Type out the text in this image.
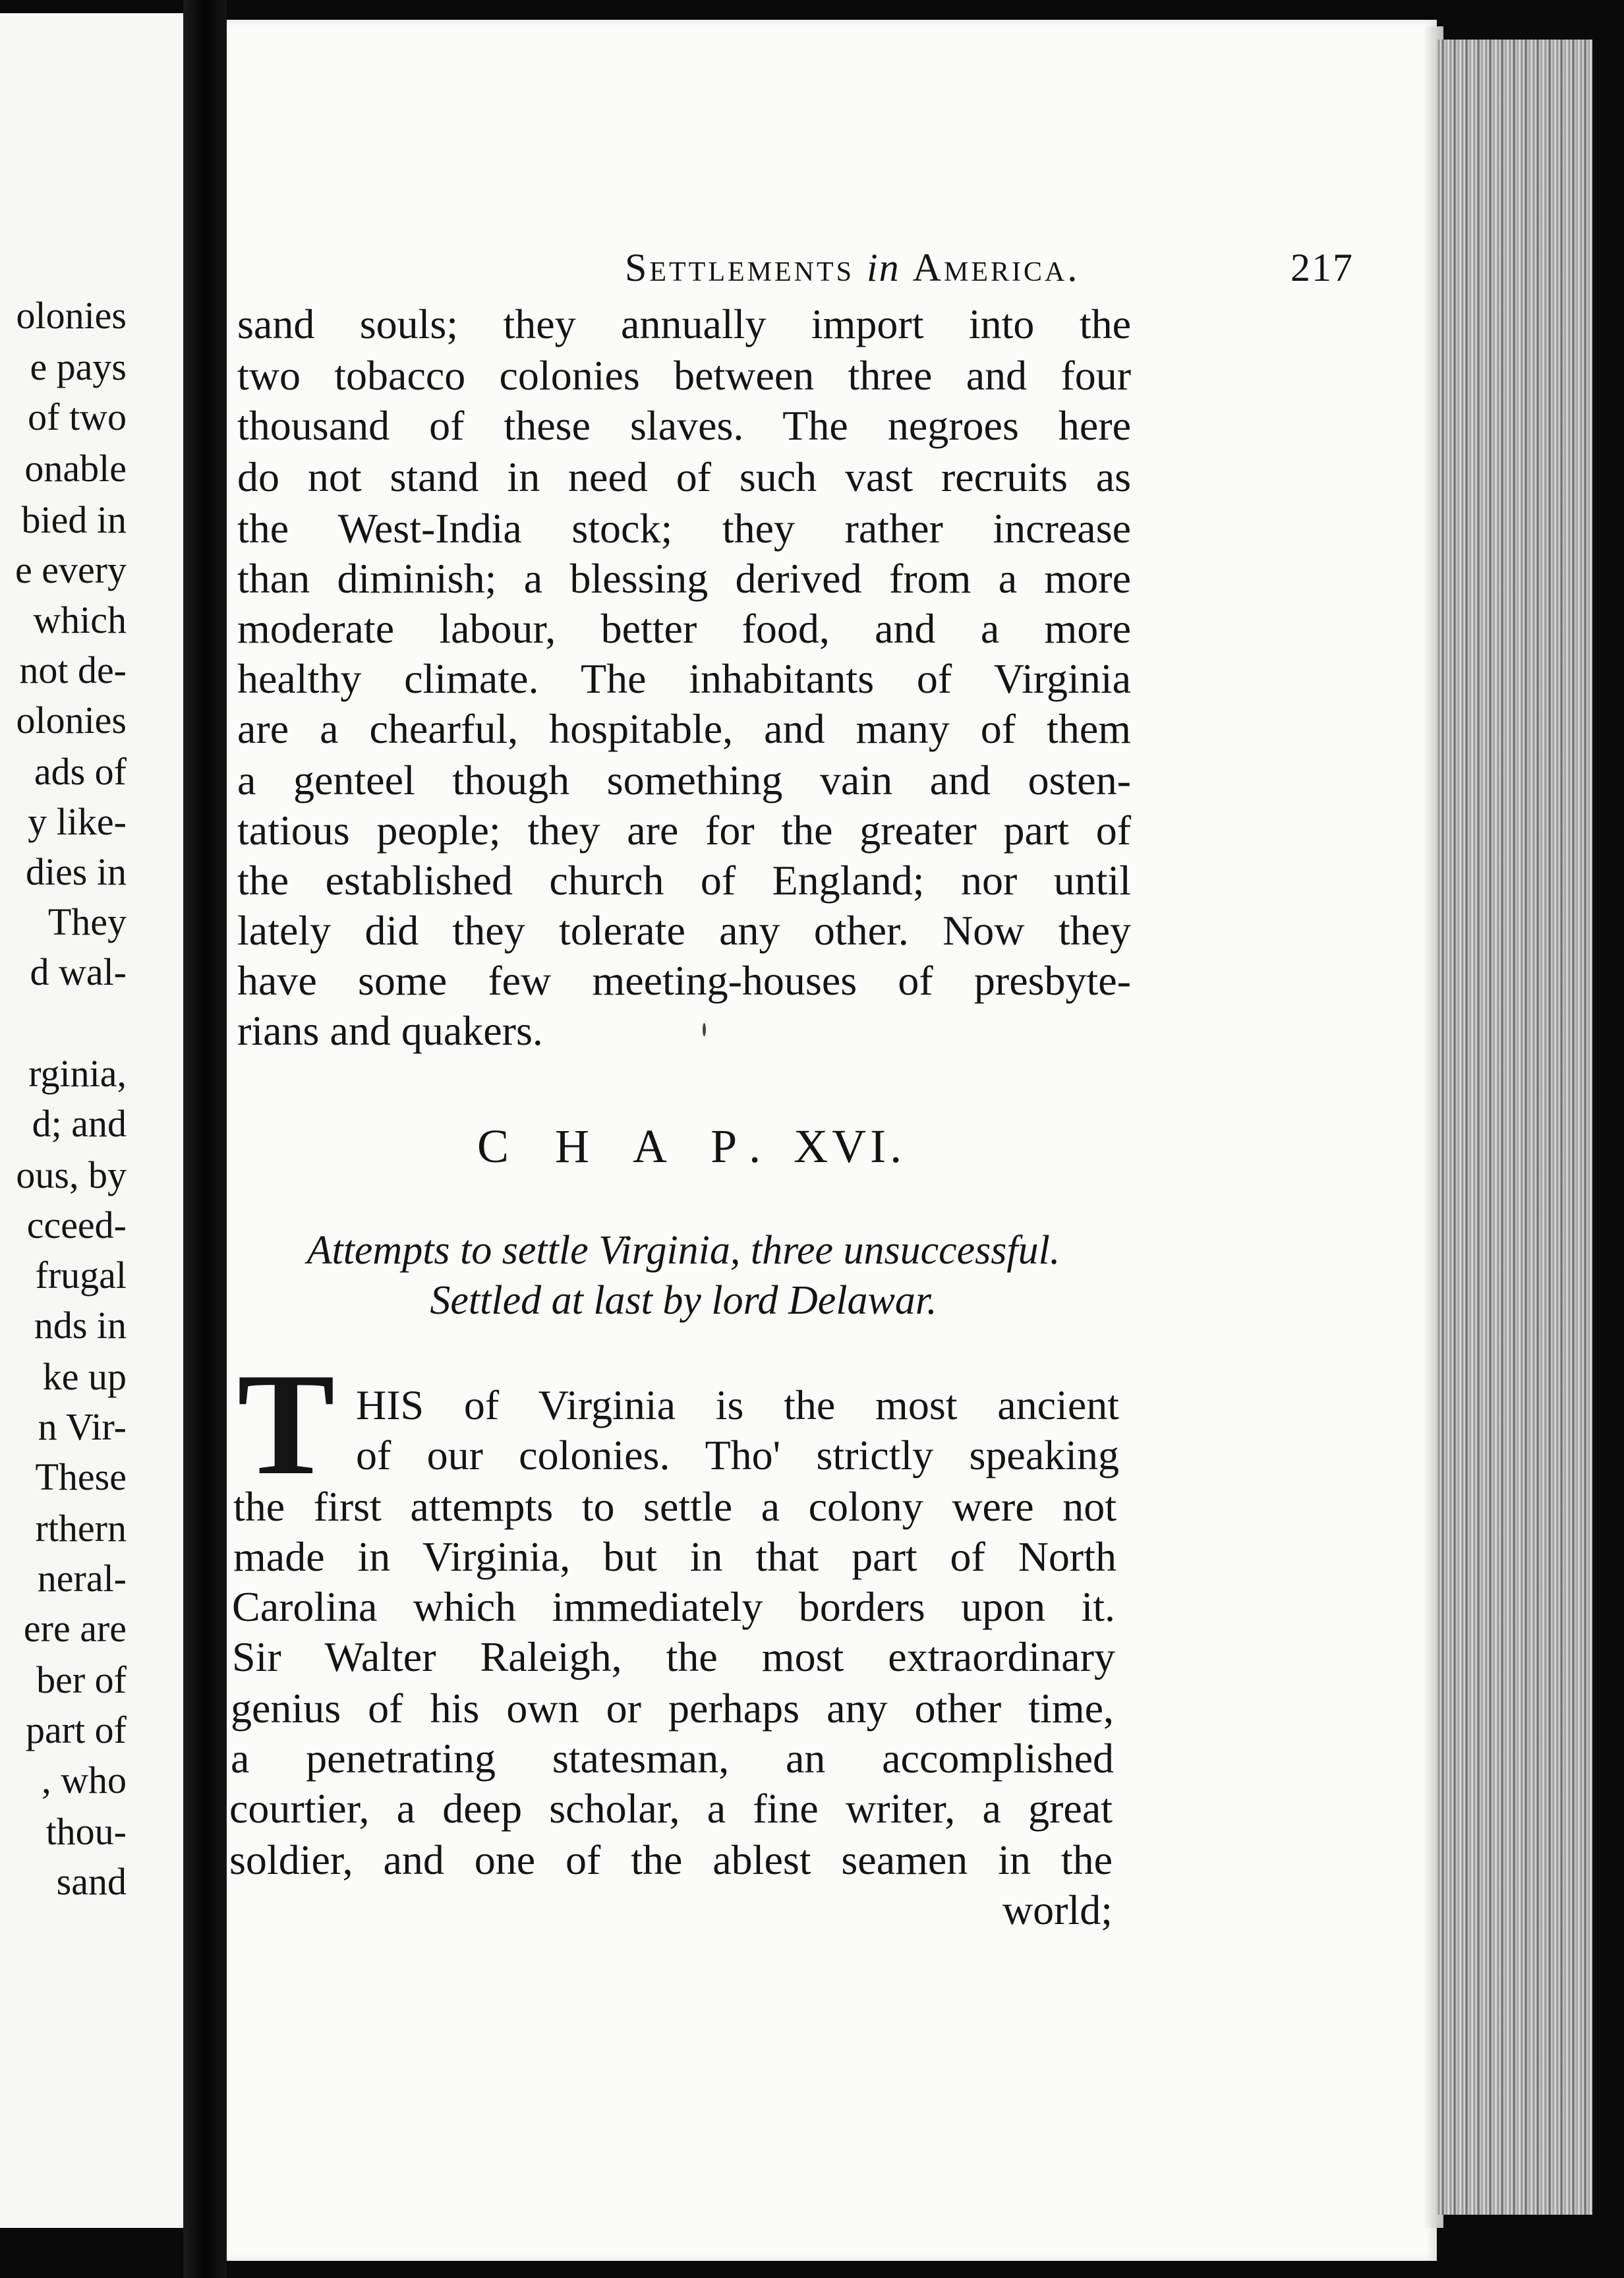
olonies
e pays
of two
onable
bied in
e every
which
not de-
olonies
ads of
y like-
dies in
They
d wal-
rginia,
d; and
ous, by
cceed-
frugal
nds in
ke up
n Vir-
These
rthern
neral-
ere are
ber of
part of
, who
thou-
sand
Settlements in America.	217
sand souls; they annually import into the
two tobacco colonies between three and four
thousand of these slaves. The negroes here
do not stand in need of such vast recruits as
the West-India stock; they rather increase
than diminish; a blessing derived from a more
moderate labour, better food, and a more
healthy climate. The inhabitants of Virginia
are a chearful, hospitable, and many of them
a genteel though something vain and osten-
tatious people; they are for the greater part of
the established church of England; nor until
lately did they tolerate any other. Now they
have some few meeting-houses of presbyte-
rians and quakers.
C H A P. XVI.
Attempts to settle Virginia, three unsuccessful.
Settled at last by lord Delawar.
T HIS of Virginia is the most ancient
of our colonies. Tho' strictly speaking
the first attempts to settle a colony were not
made in Virginia, but in that part of North
Carolina which immediately borders upon it.
Sir Walter Raleigh, the most extraordinary
genius of his own or perhaps any other time,
a penetrating statesman, an accomplished
courtier, a deep scholar, a fine writer, a great
soldier, and one of the ablest seamen in the
world;
